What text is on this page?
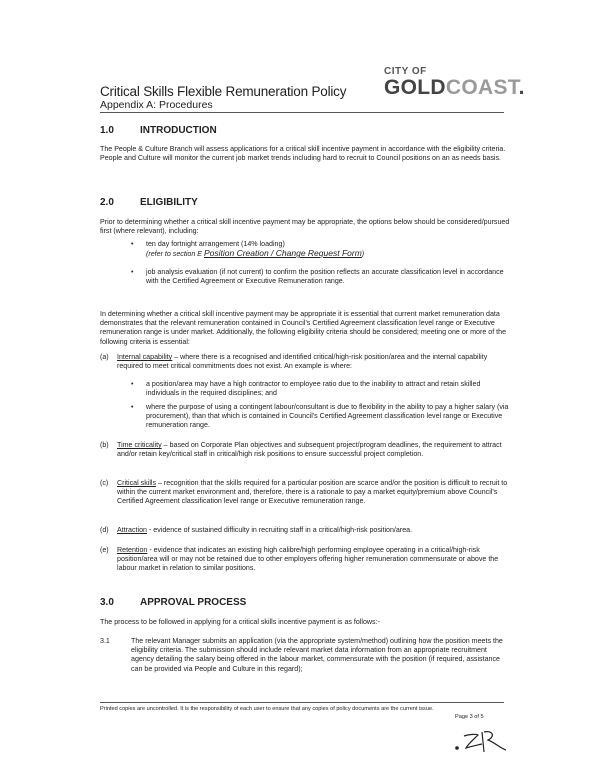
Critical Skills Flexible Remuneration Policy
Appendix A: Procedures
CITY OF
GOLDCOAST.
1.0	INTRODUCTION

The People & Culture Branch will assess applications for a critical skill incentive payment in accordance with the eligibility criteria. People and Culture will monitor the current job market trends including hard to recruit to Council positions on an as needs basis.

2.0	ELIGIBILITY

Prior to determining whether a critical skill incentive payment may be appropriate, the options below should be considered/pursued first (where relevant), including:

• ten day fortnight arrangement (14% loading)
(refer to section E Position Creation / Change Request Form)

• job analysis evaluation (if not current) to confirm the position reflects an accurate classification level in accordance with the Certified Agreement or Executive Remuneration range.

In determining whether a critical skill incentive payment may be appropriate it is essential that current market remuneration data demonstrates that the relevant remuneration contained in Council's Certified Agreement classification level range or Executive remuneration range is under market. Additionally, the following eligibility criteria should be considered; meeting one or more of the following criteria is essential:

(a) Internal capability – where there is a recognised and identified critical/high-risk position/area and the internal capability required to meet critical commitments does not exist. An example is where:

• a position/area may have a high contractor to employee ratio due to the inability to attract and retain skilled individuals in the required disciplines; and

• where the purpose of using a contingent labour/consultant is due to flexibility in the ability to pay a higher salary (via procurement), than that which is contained in Council's Certified Agreement classification level range or Executive remuneration range.

(b) Time criticality – based on Corporate Plan objectives and subsequent project/program deadlines, the requirement to attract and/or retain key/critical staff in critical/high risk positions to ensure successful project completion.

(c) Critical skills – recognition that the skills required for a particular position are scarce and/or the position is difficult to recruit to within the current market environment and, therefore, there is a rationale to pay a market equity/premium above Council's Certified Agreement classification level range or Executive remuneration range.

(d) Attraction - evidence of sustained difficulty in recruiting staff in a critical/high-risk position/area.

(e) Retention - evidence that indicates an existing high calibre/high performing employee operating in a critical/high-risk position/area will or may not be retained due to other employers offering higher remuneration commensurate or above the labour market in relation to similar positions.

3.0	APPROVAL PROCESS

The process to be followed in applying for a critical skills incentive payment is as follows:-

3.1	The relevant Manager submits an application (via the appropriate system/method) outlining how the position meets the eligibility criteria. The submission should include relevant market data information from an appropriate recruitment agency detailing the salary being offered in the labour market, commensurate with the position (if required, assistance can be provided via People and Culture in this regard);

Printed copies are uncontrolled. It is the responsibility of each user to ensure that any copies of policy documents are the current issue.
Page 3 of 5
